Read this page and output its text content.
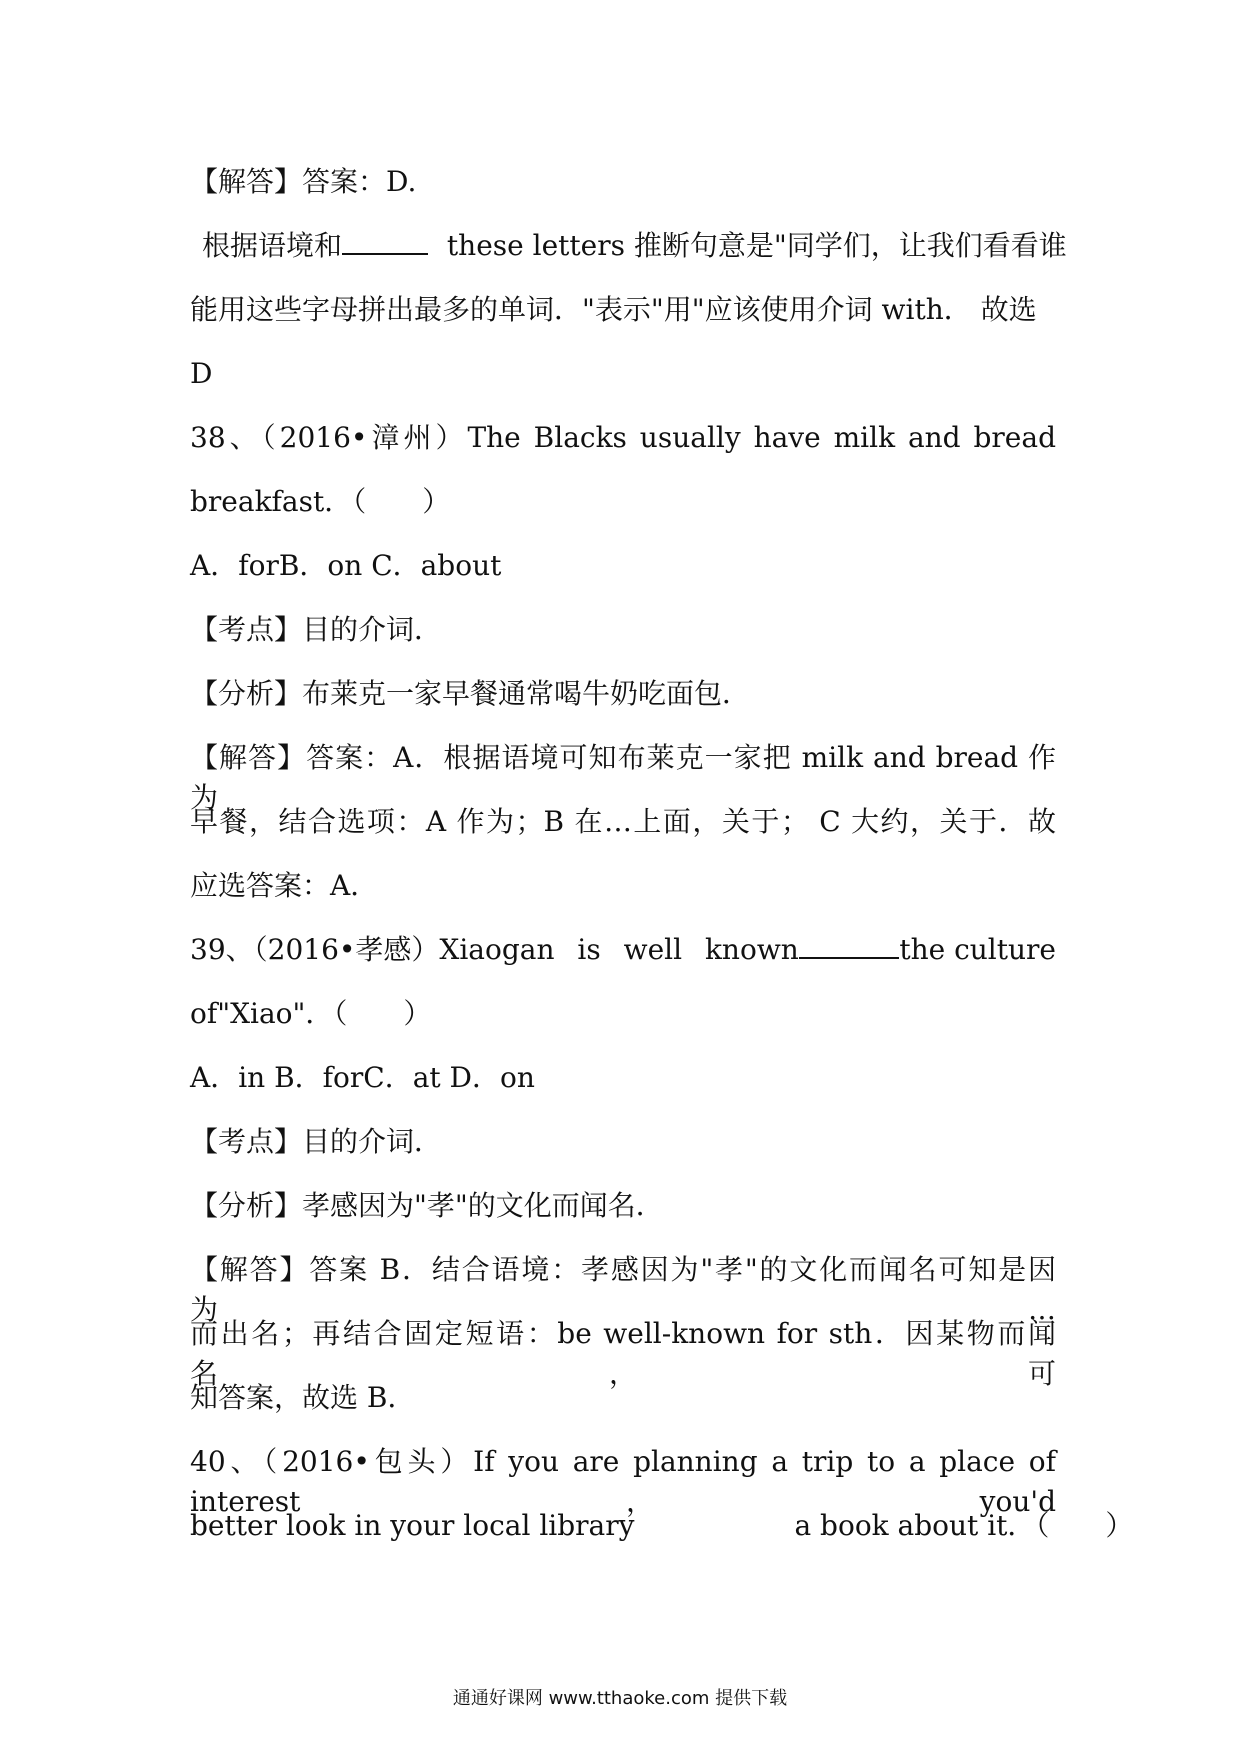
【解答】答案：D.
根据语境和	these letters 推断句意是"同学们，让我们看看谁
能用这些字母拼出最多的单词．"表示"用"应该使用介词 with． 故选
D
38、（2016•漳州）The Blacks usually have milk and bread
breakfast．（　　）
A．forB．on C．about
【考点】目的介词．
【分析】布莱克一家早餐通常喝牛奶吃面包．
【解答】答案：A．根据语境可知布莱克一家把 milk and bread 作为
早餐，结合选项：A 作为；B 在…上面，关于； C 大约，关于．故
应选答案：A．
39、（2016•孝感）Xiaogan is well known	the culture
of"Xiao"．（　　）
A．in B．forC．at D．on
【考点】目的介词．
【分析】孝感因为"孝"的文化而闻名．
【解答】答案 B．结合语境：孝感因为"孝"的文化而闻名可知是因为…
而出名；再结合固定短语：be well-known for sth．因某物而闻名，可
知答案，故选 B．
40、（2016•包头）If you are planning a trip to a place of interest，you'd
better look in your local library	a book about it．（　　）
通通好课网 www.tthaoke.com 提供下载
